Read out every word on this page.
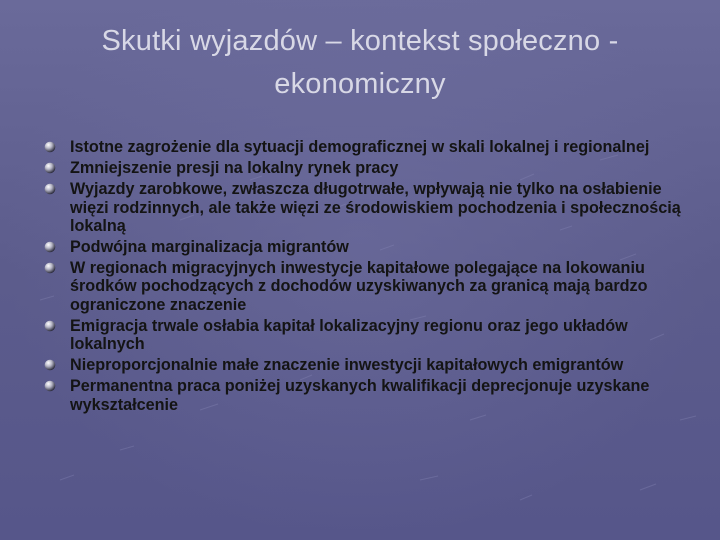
Skutki wyjazdów – kontekst społeczno - ekonomiczny
Istotne zagrożenie dla sytuacji demograficznej w skali lokalnej i regionalnej
Zmniejszenie presji na lokalny rynek pracy
Wyjazdy zarobkowe, zwłaszcza długotrwałe, wpływają nie tylko na osłabienie więzi rodzinnych, ale także więzi ze środowiskiem pochodzenia i społecznością lokalną
Podwójna marginalizacja migrantów
W regionach migracyjnych inwestycje kapitałowe polegające na lokowaniu środków pochodzących z dochodów uzyskiwanych za granicą mają bardzo ograniczone znaczenie
Emigracja trwale osłabia kapitał lokalizacyjny regionu oraz jego układów lokalnych
Nieproporcjonalnie małe znaczenie inwestycji kapitałowych emigrantów
Permanentna praca poniżej uzyskanych kwalifikacji deprecjonuje uzyskane wykształcenie
